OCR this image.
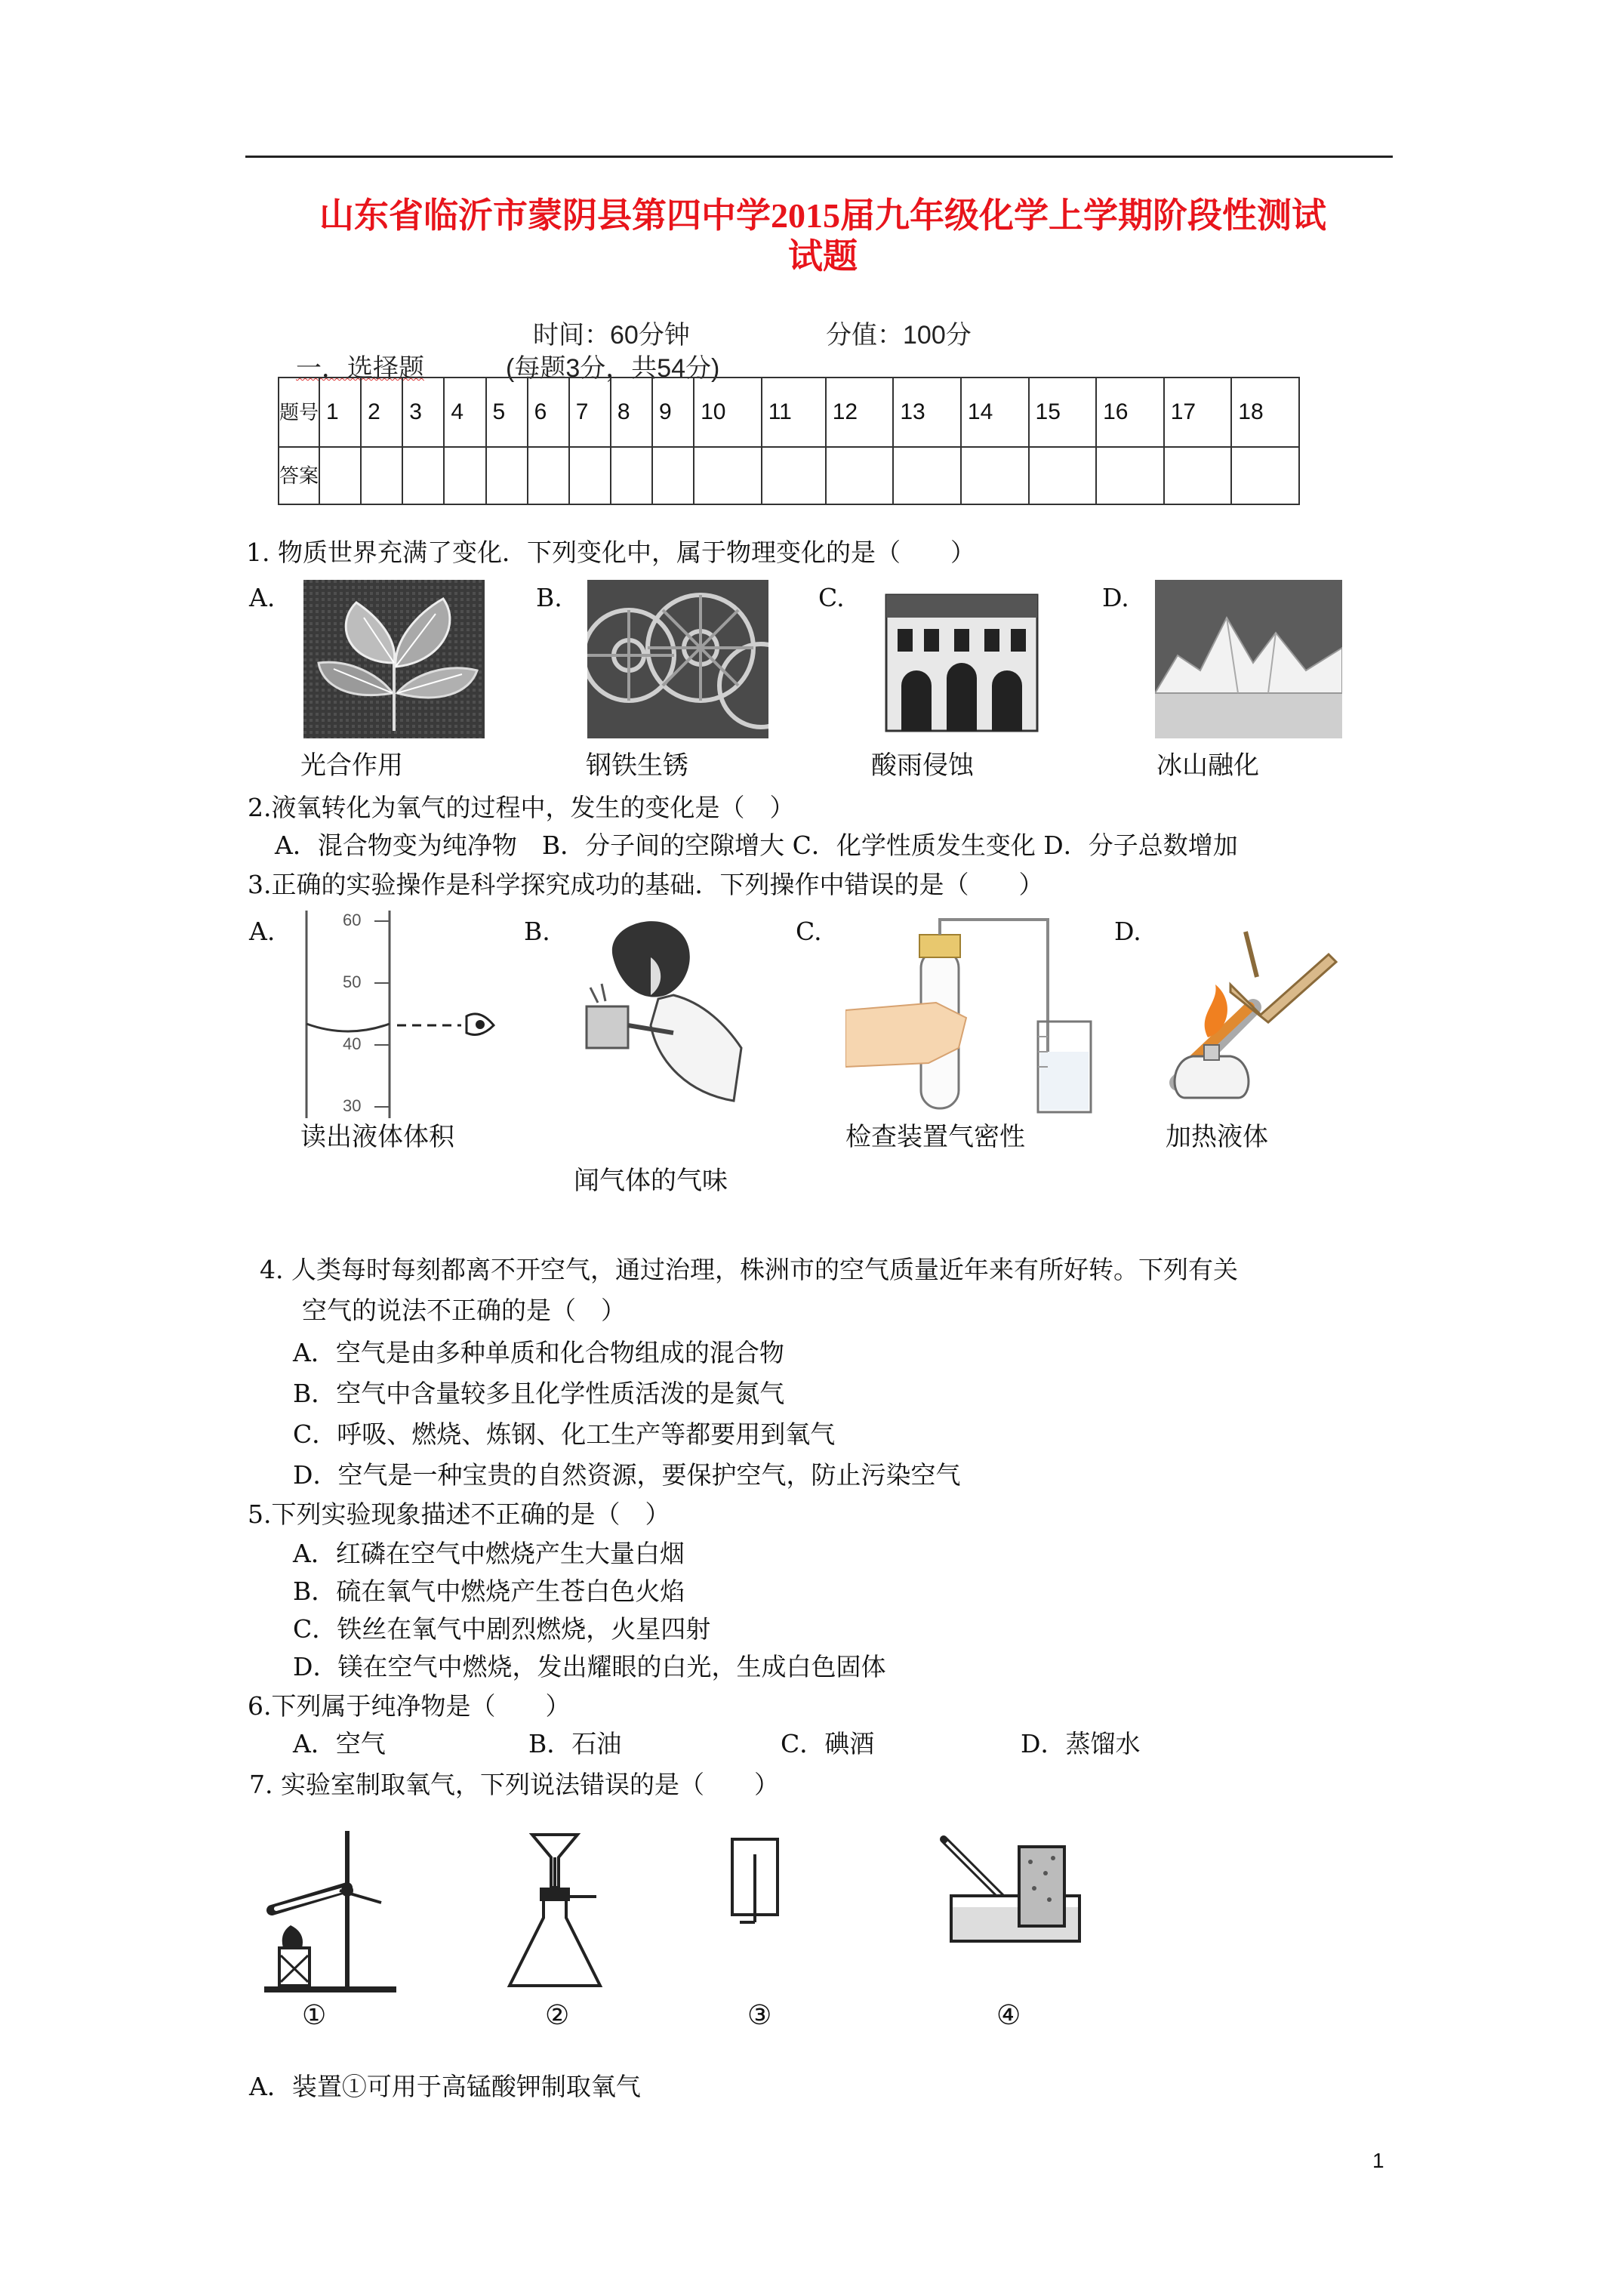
山东省临沂市蒙阴县第四中学2015届九年级化学上学期阶段性测试
试题
时间：60分钟	分值：100分
一．选择题	(每题3分，共54分)
题号	1	2	3	4	5	6	7	8	9	10	11	12	13	14	15	16	17	18
答案																		
1. 物质世界充满了变化．下列变化中，属于物理变化的是（　　）
A.	B.	C.	D.
光合作用	钢铁生锈	酸雨侵蚀	冰山融化
2.液氧转化为氧气的过程中，发生的变化是（　）
A．混合物变为纯净物　B．分子间的空隙增大 C．化学性质发生变化 D．分子总数增加
3.正确的实验操作是科学探究成功的基础．下列操作中错误的是（　　）
A.	B.	C.	D.
60
50
40
30
读出液体体积
闻气体的气味
检查装置气密性	加热液体
4. 人类每时每刻都离不开空气，通过治理，株洲市的空气质量近年来有所好转。下列有关
空气的说法不正确的是（　）
A．空气是由多种单质和化合物组成的混合物
B．空气中含量较多且化学性质活泼的是氮气
C．呼吸、燃烧、炼钢、化工生产等都要用到氧气
D．空气是一种宝贵的自然资源，要保护空气，防止污染空气
5.下列实验现象描述不正确的是（　）
A．红磷在空气中燃烧产生大量白烟
B．硫在氧气中燃烧产生苍白色火焰
C．铁丝在氧气中剧烈燃烧，火星四射
D．镁在空气中燃烧，发出耀眼的白光，生成白色固体
6.下列属于纯净物是（　　）
A．空气	B．石油	C．碘酒	D．蒸馏水
7. 实验室制取氧气，下列说法错误的是（　　）
①	②	③	④
A．装置①可用于高锰酸钾制取氧气
1
